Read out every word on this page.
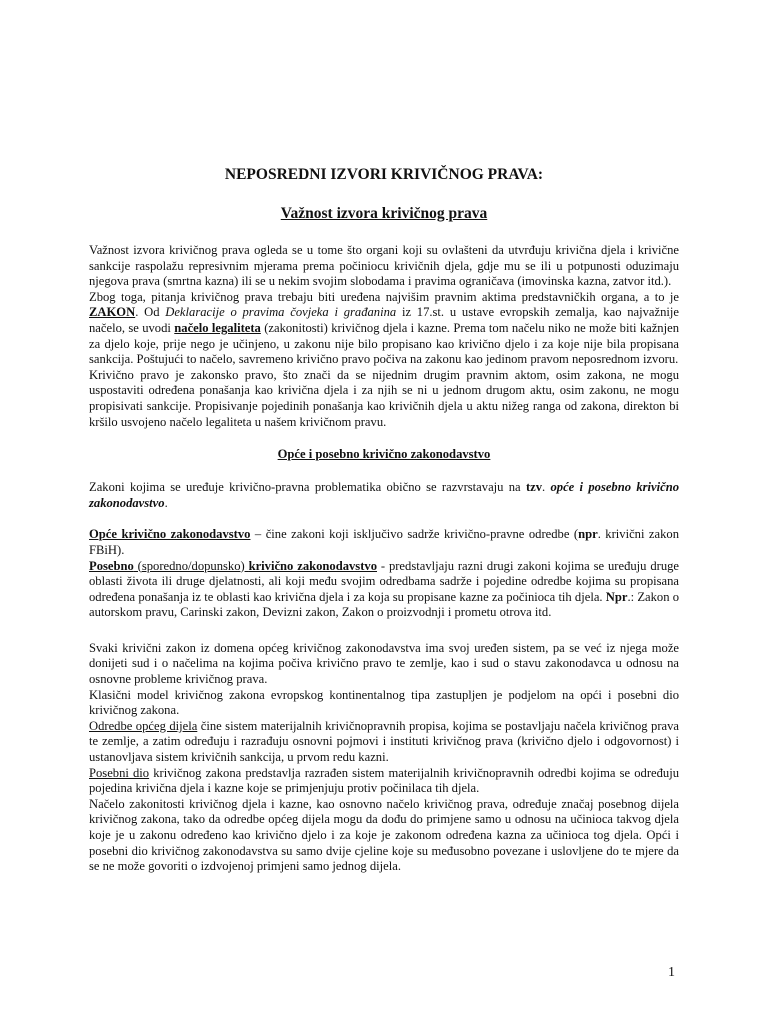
NEPOSREDNI IZVORI KRIVIČNOG PRAVA:
Važnost izvora krivičnog prava

Važnost izvora krivičnog prava ogleda se u tome što organi koji su ovlašteni da utvrđuju krivična djela i krivične sankcije raspolažu represivnim mjerama prema počiniocu krivičnih djela, gdje mu se ili u potpunosti oduzimaju njegova prava (smrtna kazna) ili se u nekim svojim slobodama i pravima ograničava (imovinska kazna, zatvor itd.).

Zbog toga, pitanja krivičnog prava trebaju biti uređena najvišim pravnim aktima predstavničkih organa, a to je ZAKON. Od Deklaracije o pravima čovjeka i građanina iz 17.st. u ustave evropskih zemalja, kao najvažnije načelo, se uvodi načelo legaliteta (zakonitosti) krivičnog djela i kazne. Prema tom načelu niko ne može biti kažnjen za djelo koje, prije nego je učinjeno, u zakonu nije bilo propisano kao krivično djelo i za koje nije bila propisana sankcija. Poštujući to načelo, savremeno krivično pravo počiva na zakonu kao jedinom pravom neposrednom izvoru.

Krivično pravo je zakonsko pravo, što znači da se nijednim drugim pravnim aktom, osim zakona, ne mogu uspostaviti određena ponašanja kao krivična djela i za njih se ni u jednom drugom aktu, osim zakonu, ne mogu propisivati sankcije. Propisivanje pojedinih ponašanja kao krivičnih djela u aktu nižeg ranga od zakona, direkton bi kršilo usvojeno načelo legaliteta u našem krivičnom pravu.

Opće i posebno krivično zakonodavstvo

Zakoni kojima se uređuje krivično-pravna problematika obično se razvrstavaju na tzv. opće i posebno krivično zakonodavstvo.

Opće krivično zakonodavstvo – čine zakoni koji isključivo sadrže krivično-pravne odredbe (npr. krivični zakon FBiH).

Posebno (sporedno/dopunsko) krivično zakonodavstvo - predstavljaju razni drugi zakoni kojima se uređuju druge oblasti života ili druge djelatnosti, ali koji među svojim odredbama sadrže i pojedine odredbe kojima su propisana određena ponašanja iz te oblasti kao krivična djela i za koja su propisane kazne za počinioca tih djela. Npr.: Zakon o autorskom pravu, Carinski zakon, Devizni zakon, Zakon o proizvodnji i prometu otrova itd.

Svaki krivični zakon iz domena općeg krivičnog zakonodavstva ima svoj uređen sistem, pa se već iz njega može donijeti sud i o načelima na kojima počiva krivično pravo te zemlje, kao i sud o stavu zakonodavca u odnosu na osnovne probleme krivičnog prava.

Klasični model krivičnog zakona evropskog kontinentalnog tipa zastupljen je podjelom na opći i posebni dio krivičnog zakona.

Odredbe općeg dijela čine sistem materijalnih krivičnopravnih propisa, kojima se postavljaju načela krivičnog prava te zemlje, a zatim određuju i razrađuju osnovni pojmovi i instituti krivičnog prava (krivično djelo i odgovornost) i ustanovljava sistem krivičnih sankcija, u prvom redu kazni.

Posebni dio krivičnog zakona predstavlja razrađen sistem materijalnih krivičnopravnih odredbi kojima se određuju pojedina krivična djela i kazne koje se primjenjuju protiv počinilaca tih djela.

Načelo zakonitosti krivičnog djela i kazne, kao osnovno načelo krivičnog prava, određuje značaj posebnog dijela krivičnog zakona, tako da odredbe općeg dijela mogu da dođu do primjene samo u odnosu na učinioca takvog djela koje je u zakonu određeno kao krivično djelo i za koje je zakonom određena kazna za učinioca tog djela. Opći i posebni dio krivičnog zakonodavstva su samo dvije cjeline koje su međusobno povezane i uslovljene do te mjere da se ne može govoriti o izdvojenoj primjeni samo jednog dijela.

1
